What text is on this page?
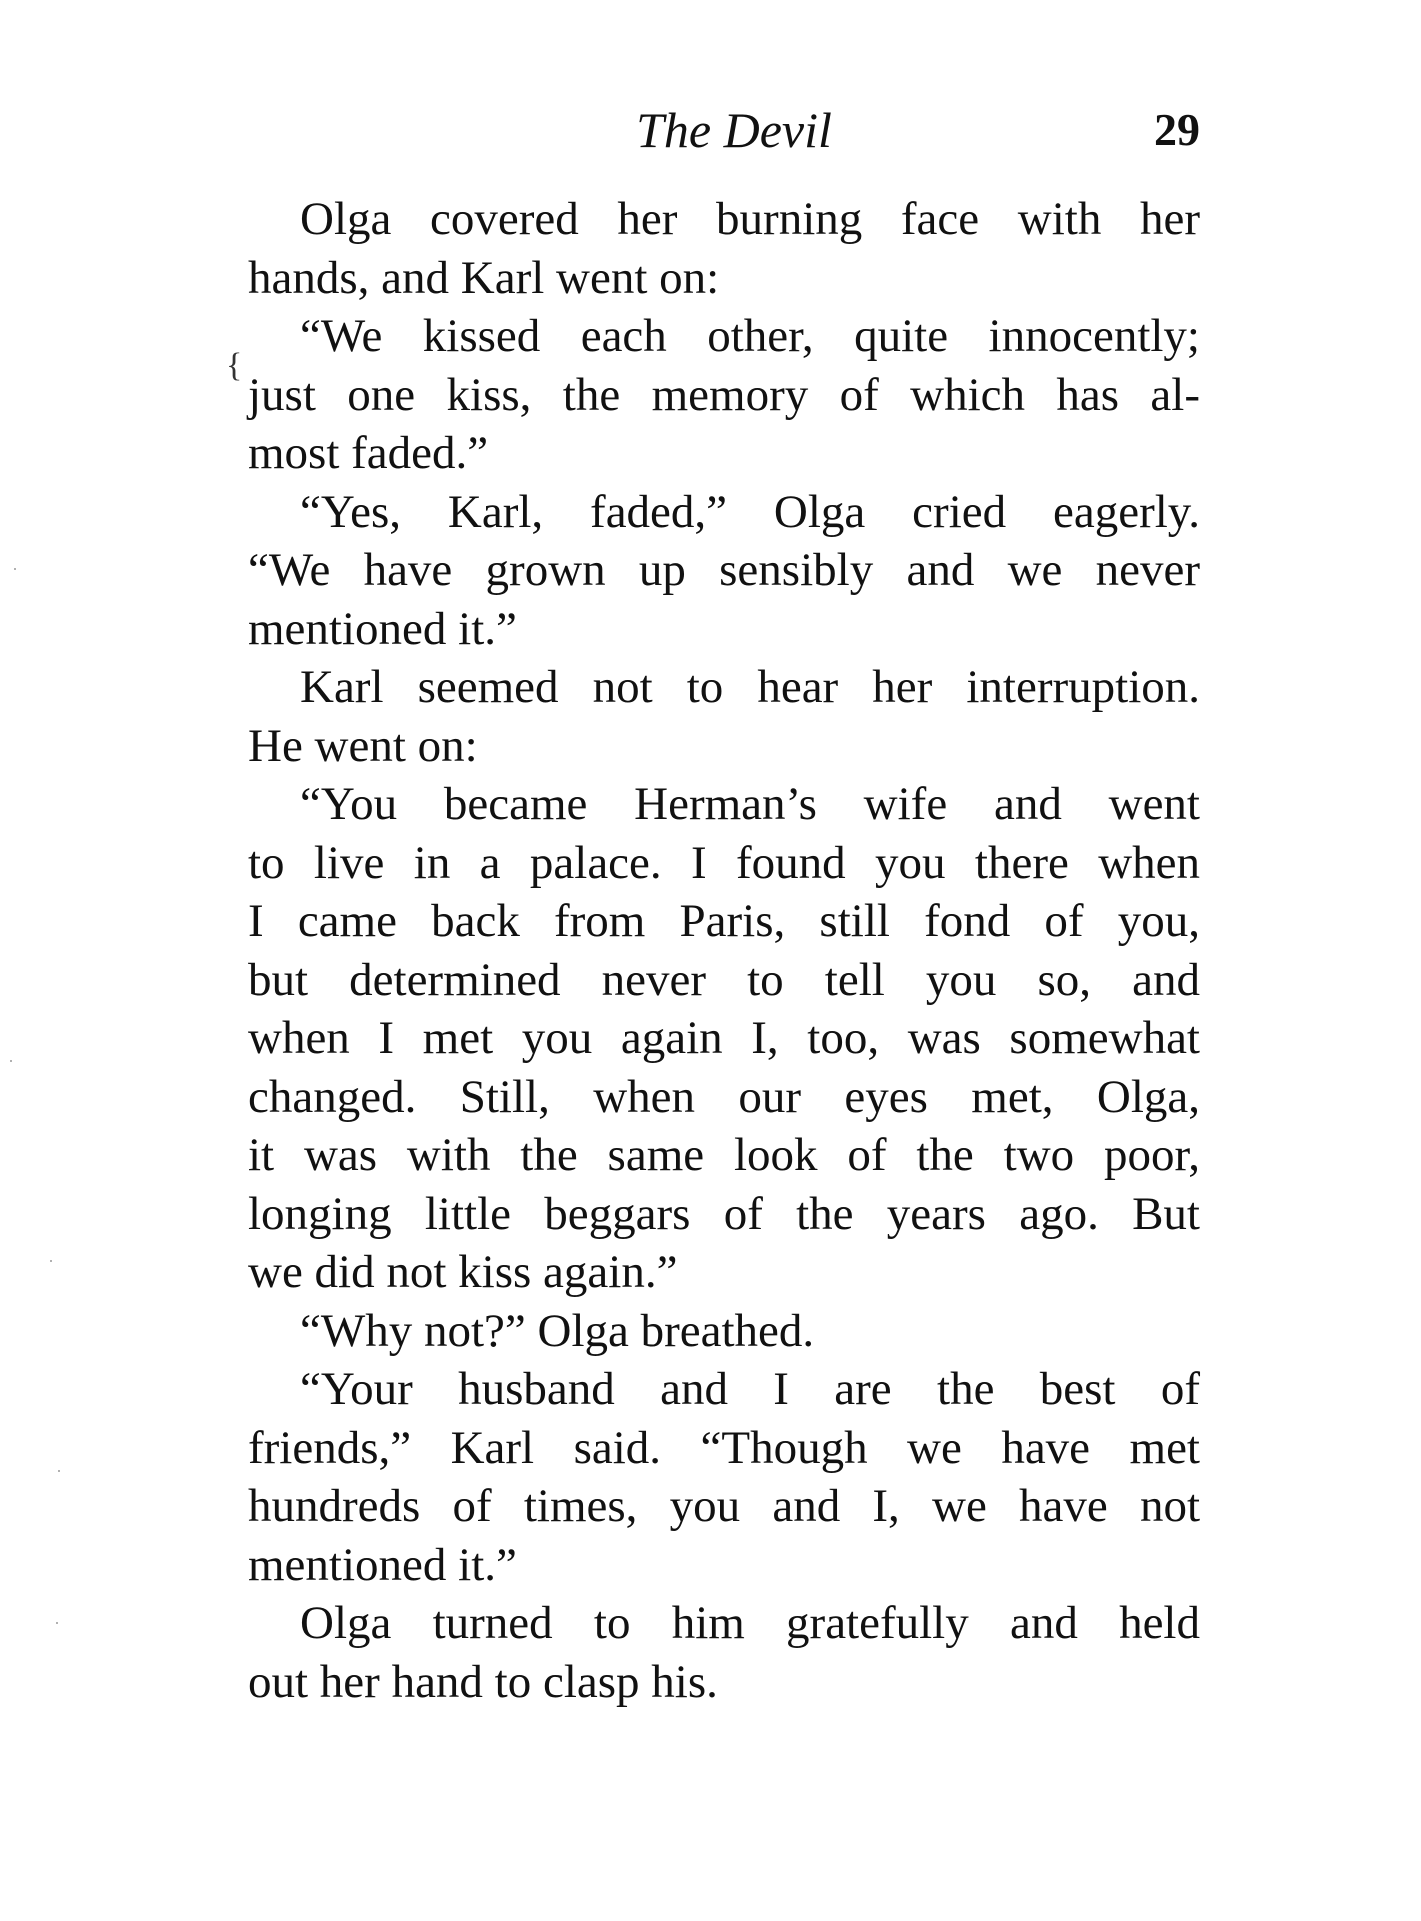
The Devil	29
{
Olga covered her burning face with her
hands, and Karl went on:
“We kissed each other, quite innocently;
just one kiss, the memory of which has al-
most faded.”
“Yes, Karl, faded,” Olga cried eagerly.
“We have grown up sensibly and we never
mentioned it.”
Karl seemed not to hear her interruption.
He went on:
“You became Herman’s wife and went
to live in a palace. I found you there when
I came back from Paris, still fond of you,
but determined never to tell you so, and
when I met you again I, too, was somewhat
changed. Still, when our eyes met, Olga,
it was with the same look of the two poor,
longing little beggars of the years ago. But
we did not kiss again.”
“Why not?” Olga breathed.
“Your husband and I are the best of
friends,” Karl said. “Though we have met
hundreds of times, you and I, we have not
mentioned it.”
Olga turned to him gratefully and held
out her hand to clasp his.
